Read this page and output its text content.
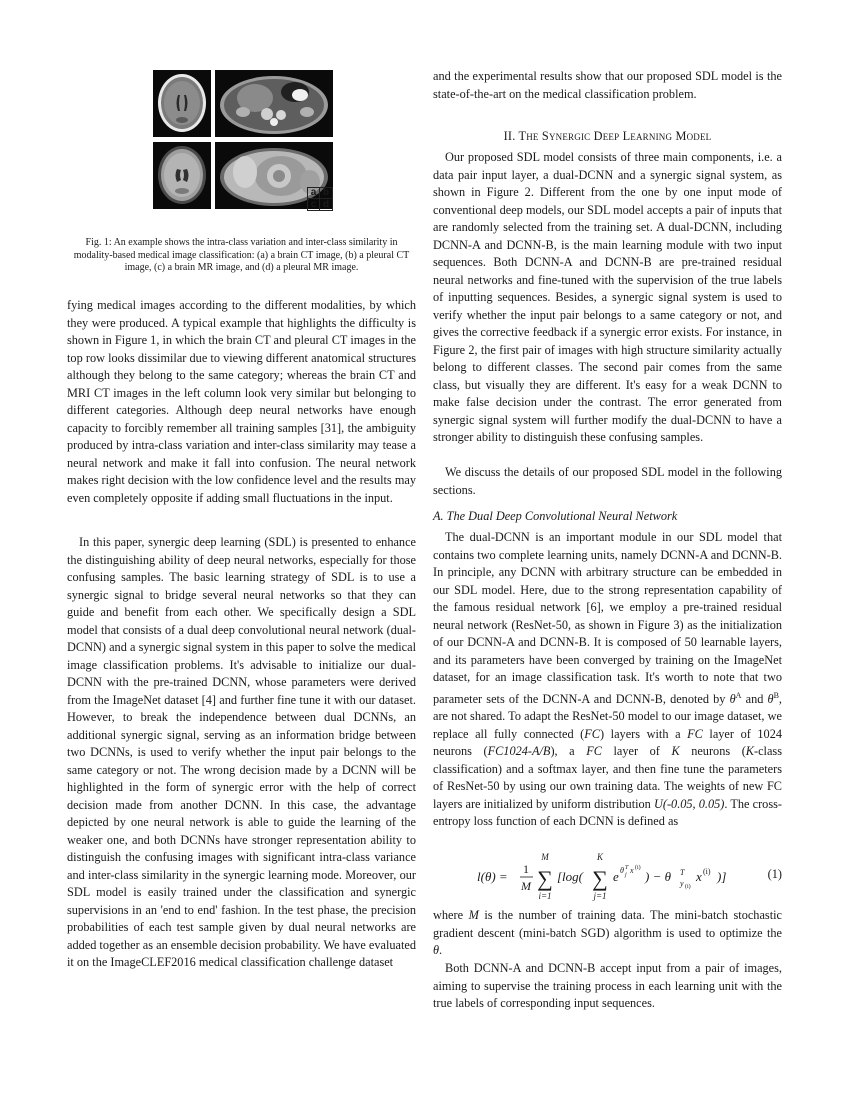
a b
c d
Fig. 1: An example shows the intra-class variation and inter-class similarity in modality-based medical image classification: (a) a brain CT image, (b) a pleural CT image, (c) a brain MR image, and (d) a pleural MR image.

fying medical images according to the different modalities, by which they were produced. A typical example that highlights the difficulty is shown in Figure 1, in which the brain CT and pleural CT images in the top row looks dissimilar due to viewing different anatomical structures although they belong to the same category; whereas the brain CT and MRI CT images in the left column look very similar but belonging to different categories. Although deep neural networks have enough capacity to forcibly remember all training samples [31], the ambiguity produced by intra-class variation and inter-class similarity may tease a neural network and make it fall into confusion. The neural network makes right decision with the low confidence level and the results may even completely opposite if adding small fluctuations in the input.

In this paper, synergic deep learning (SDL) is presented to enhance the distinguishing ability of deep neural networks, especially for those confusing samples. The basic learning strategy of SDL is to use a synergic signal to bridge several neural networks so that they can guide and benefit from each other. We specifically design a SDL model that consists of a dual deep convolutional neural network (dual-DCNN) and a synergic signal system in this paper to solve the medical image classification problems. It's advisable to initialize our dual-DCNN with the pre-trained DCNN, whose parameters were derived from the ImageNet dataset [4] and further fine tune it with our dataset. However, to break the independence between dual DCNNs, an additional synergic signal, serving as an information bridge between two DCNNs, is used to verify whether the input pair belongs to the same category or not. The wrong decision made by a DCNN will be highlighted in the form of synergic error with the help of correct decision made from another DCNN. In this case, the advantage depicted by one neural network is able to guide the learning of the weaker one, and both DCNNs have stronger representation ability to distinguish the confusing images with significant intra-class variance and inter-class similarity in the synergic learning mode. Moreover, our SDL model is easily trained under the classification and synergic supervisions in an 'end to end' fashion. In the test phase, the precision probabilities of each test sample given by dual neural networks are added together as an ensemble decision probability. We have evaluated it on the ImageCLEF2016 medical classification challenge dataset

and the experimental results show that our proposed SDL model is the state-of-the-art on the medical classification problem.

II. The Synergic Deep Learning Model

Our proposed SDL model consists of three main components, i.e. a data pair input layer, a dual-DCNN and a synergic signal system, as shown in Figure 2. Different from the one by one input mode of conventional deep models, our SDL model accepts a pair of inputs that are randomly selected from the training set. A dual-DCNN, including DCNN-A and DCNN-B, is the main learning module with two input sequences. Both DCNN-A and DCNN-B are pre-trained residual neural networks and fine-tuned with the supervision of the true labels of inputting sequences. Besides, a synergic signal system is used to verify whether the input pair belongs to a same category or not, and gives the corrective feedback if a synergic error exists. For instance, in Figure 2, the first pair of images with high structure similarity actually belong to different classes. The second pair comes from the same class, but visually they are different. It's easy for a weak DCNN to make false decision under the contrast. The error generated from synergic signal system will further modify the dual-DCNN to have a stronger ability to distinguish these confusing samples.

We discuss the details of our proposed SDL model in the following sections.

A. The Dual Deep Convolutional Neural Network

The dual-DCNN is an important module in our SDL model that contains two complete learning units, namely DCNN-A and DCNN-B. In principle, any DCNN with arbitrary structure can be embedded in our SDL model. Here, due to the strong representation capability of the famous residual network [6], we employ a pre-trained residual neural network (ResNet-50, as shown in Figure 3) as the initialization of our DCNN-A and DCNN-B. It is composed of 50 learnable layers, and its parameters have been converged by training on the ImageNet dataset, for an image classification task. It's worth to note that two parameter sets of the DCNN-A and DCNN-B, denoted by $\theta^A$ and $\theta^B$, are not shared. To adapt the ResNet-50 model to our image dataset, we replace all fully connected (FC) layers with a FC layer of 1024 neurons (FC1024-A/B), a FC layer of K neurons (K-class classification) and a softmax layer, and then fine tune the parameters of ResNet-50 by using our own training data. The weights of new FC layers are initialized by uniform distribution U(-0.05, 0.05). The cross-entropy loss function of each DCNN is defined as

l(θ) = 1
M
M
∑
i=1
[log(
K
∑
j=1
e θ T
j x (i)
) − θ T
y (i)
x (i) )]	(1)

where M is the number of training data. The mini-batch stochastic gradient descent (mini-batch SGD) algorithm is used to optimize the θ.

Both DCNN-A and DCNN-B accept input from a pair of images, aiming to supervise the training process in each learning unit with the true labels of corresponding input sequences.
